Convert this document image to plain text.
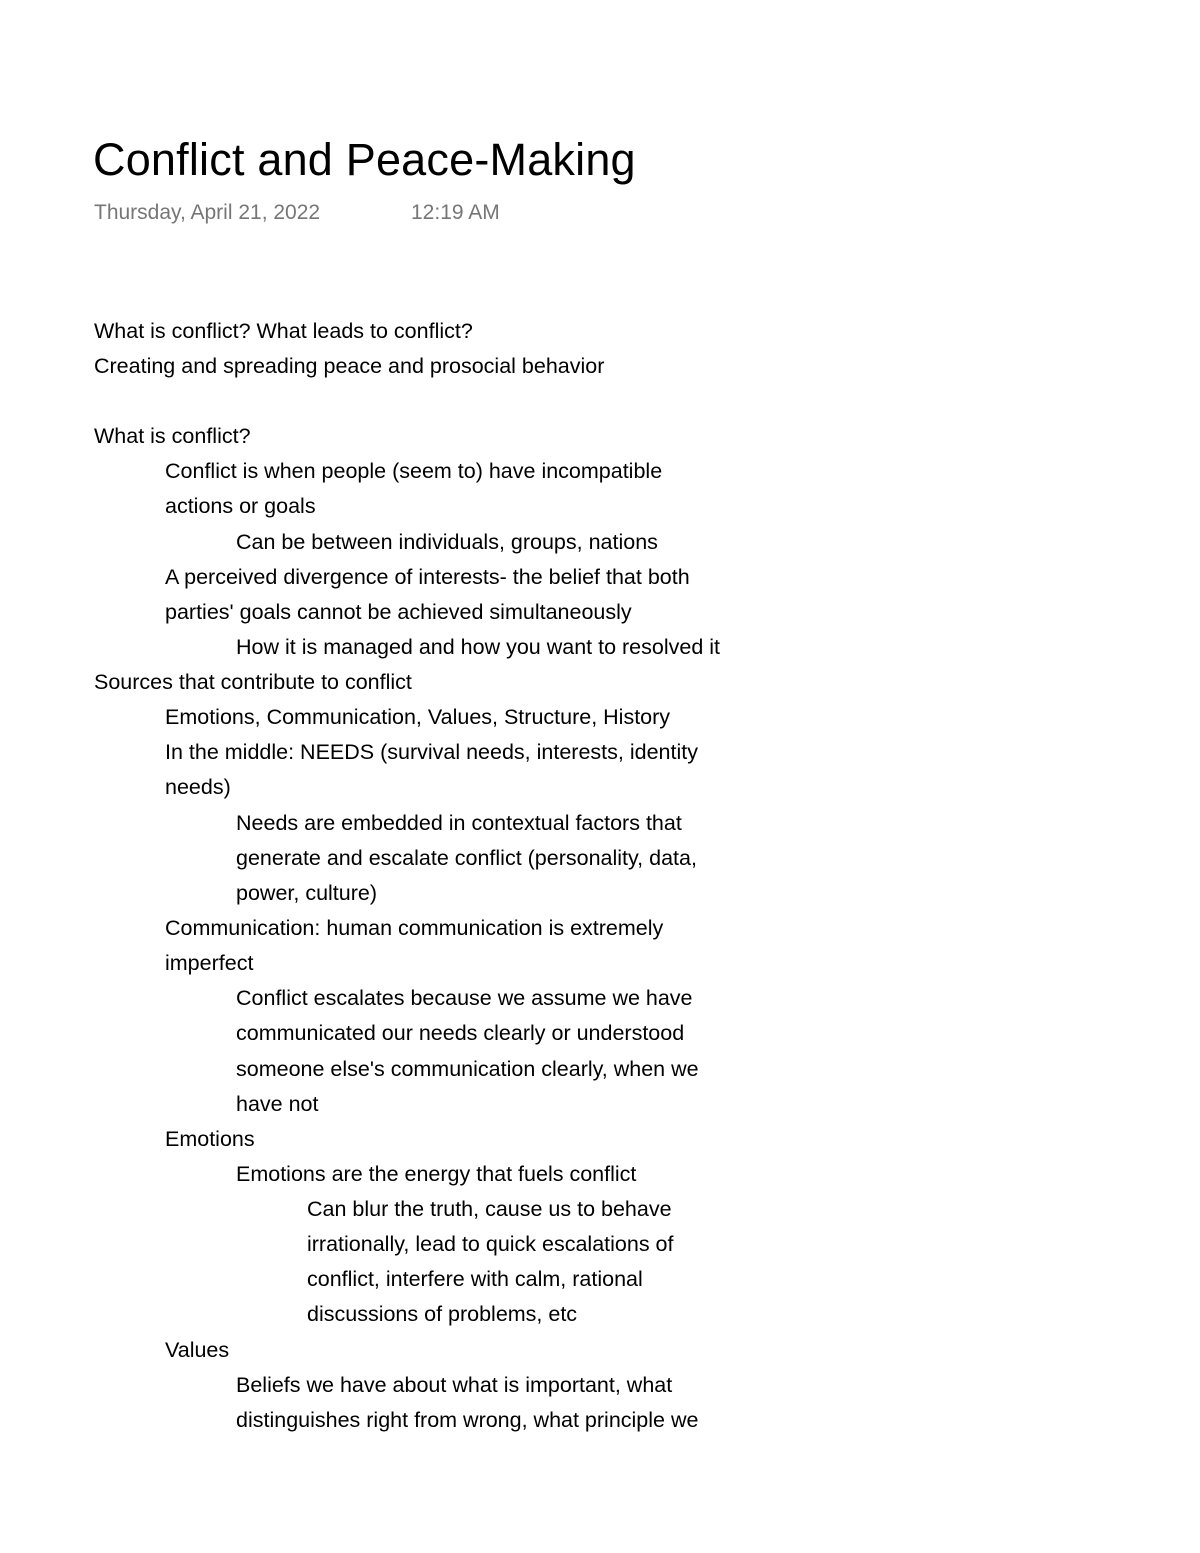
Conflict and Peace-Making
Thursday, April 21, 2022	12:19 AM
What is conflict? What leads to conflict?
Creating and spreading peace and prosocial behavior
What is conflict?
Conflict is when people (seem to) have incompatible
actions or goals
Can be between individuals, groups, nations
A perceived divergence of interests- the belief that both
parties' goals cannot be achieved simultaneously
How it is managed and how you want to resolved it
Sources that contribute to conflict
Emotions, Communication, Values, Structure, History
In the middle: NEEDS (survival needs, interests, identity
needs)
Needs are embedded in contextual factors that
generate and escalate conflict (personality, data,
power, culture)
Communication: human communication is extremely
imperfect
Conflict escalates because we assume we have
communicated our needs clearly or understood
someone else's communication clearly, when we
have not
Emotions
Emotions are the energy that fuels conflict
Can blur the truth, cause us to behave
irrationally, lead to quick escalations of
conflict, interfere with calm, rational
discussions of problems, etc
Values
Beliefs we have about what is important, what
distinguishes right from wrong, what principle we
